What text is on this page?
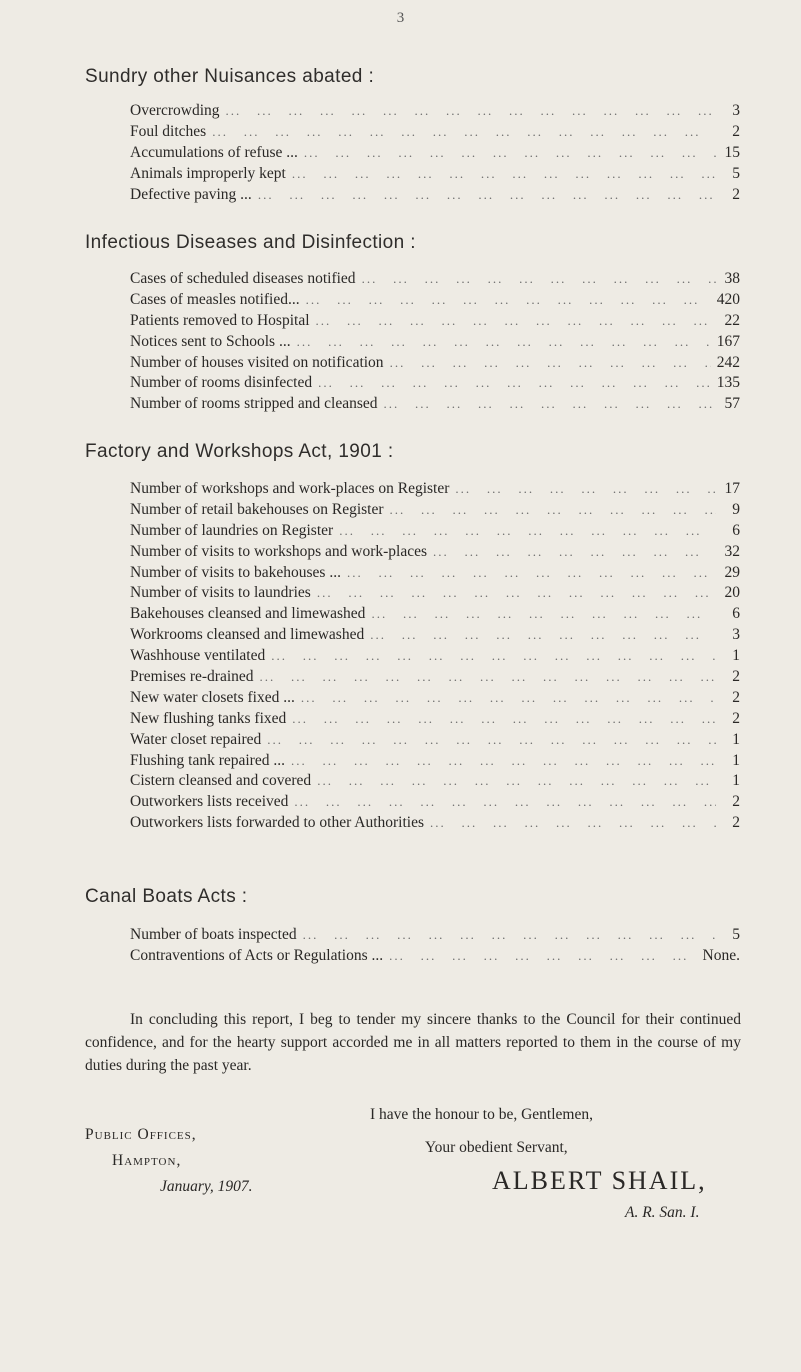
3
Sundry other Nuisances abated :
Overcrowding ...	3
Foul ditches ...	2
Accumulations of refuse ... ...	15
Animals improperly kept ...	5
Defective paving ... ...	2
Infectious Diseases and Disinfection :
Cases of scheduled diseases notified ...	38
Cases of measles notified... ...	420
Patients removed to Hospital ...	22
Notices sent to Schools ... ...	167
Number of houses visited on notification ...	242
Number of rooms disinfected ...	135
Number of rooms stripped and cleansed ...	57
Factory and Workshops Act, 1901 :
Number of workshops and work-places on Register ...	17
Number of retail bakehouses on Register ...	9
Number of laundries on Register ...	6
Number of visits to workshops and work-places ...	32
Number of visits to bakehouses ... ...	29
Number of visits to laundries ...	20
Bakehouses cleansed and limewashed ...	6
Workrooms cleansed and limewashed ...	3
Washhouse ventilated ...	1
Premises re-drained ...	2
New water closets fixed ... ...	2
New flushing tanks fixed ...	2
Water closet repaired ...	1
Flushing tank repaired ... ...	1
Cistern cleansed and covered ...	1
Outworkers lists received ...	2
Outworkers lists forwarded to other Authorities ...	2
Canal Boats Acts :
Number of boats inspected ...	5
Contraventions of Acts or Regulations ... ...	None.

In concluding this report, I beg to tender my sincere thanks to the Council for their continued confidence, and for the hearty support accorded me in all matters reported to them in the course of my duties during the past year.

I have the honour to be, Gentlemen,
Public Offices,
Your obedient Servant,
Hampton,
ALBERT SHAIL,
January, 1907.
A. R. San. I.
